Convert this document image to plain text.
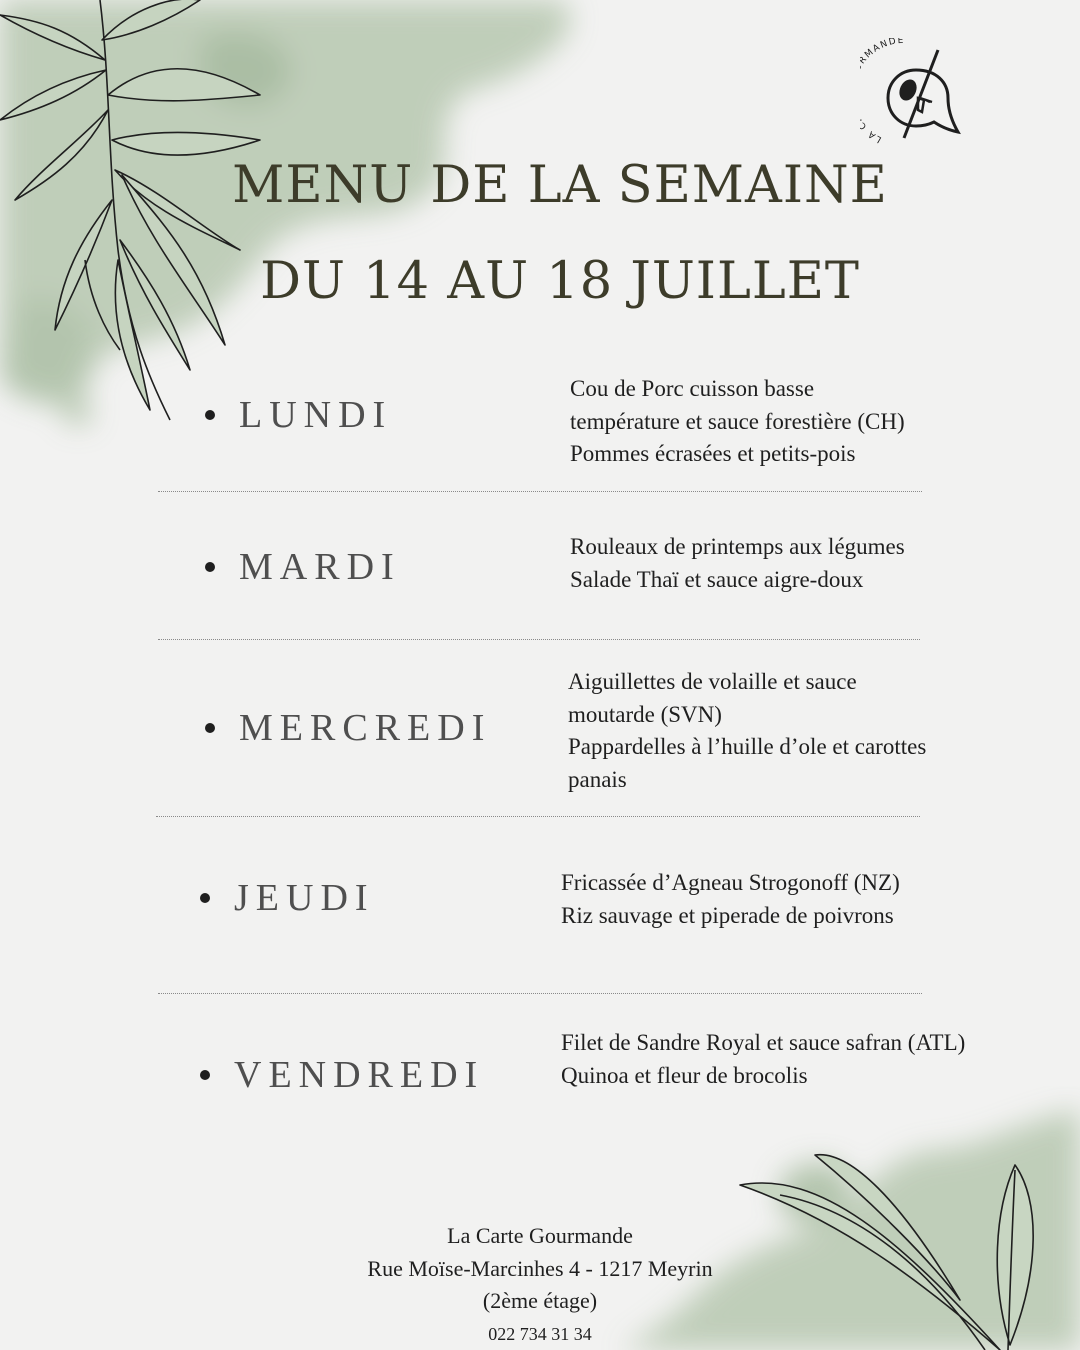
LA MANDE
MENU DE LA SEMAINE
DU 14 AU 18 JUILLET
LUNDI
Cou de Porc cuisson basse
température et sauce forestière (CH)
Pommes écrasées et petits-pois
MARDI	Rouleaux de printemps aux légumes
Salade Thaï et sauce aigre-doux
MERCREDI
Aiguillettes de volaille et sauce
moutarde (SVN)
Pappardelles à l’huille d’ole et carottes
panais
JEUDI	Fricassée d’Agneau Strogonoff (NZ)
Riz sauvage et piperade de poivrons
VENDREDI
Filet de Sandre Royal et sauce safran (ATL)
Quinoa et fleur de brocolis
La Carte Gourmande
Rue Moïse-Marcinhes 4 - 1217 Meyrin
(2ème étage)
022 734 31 34
